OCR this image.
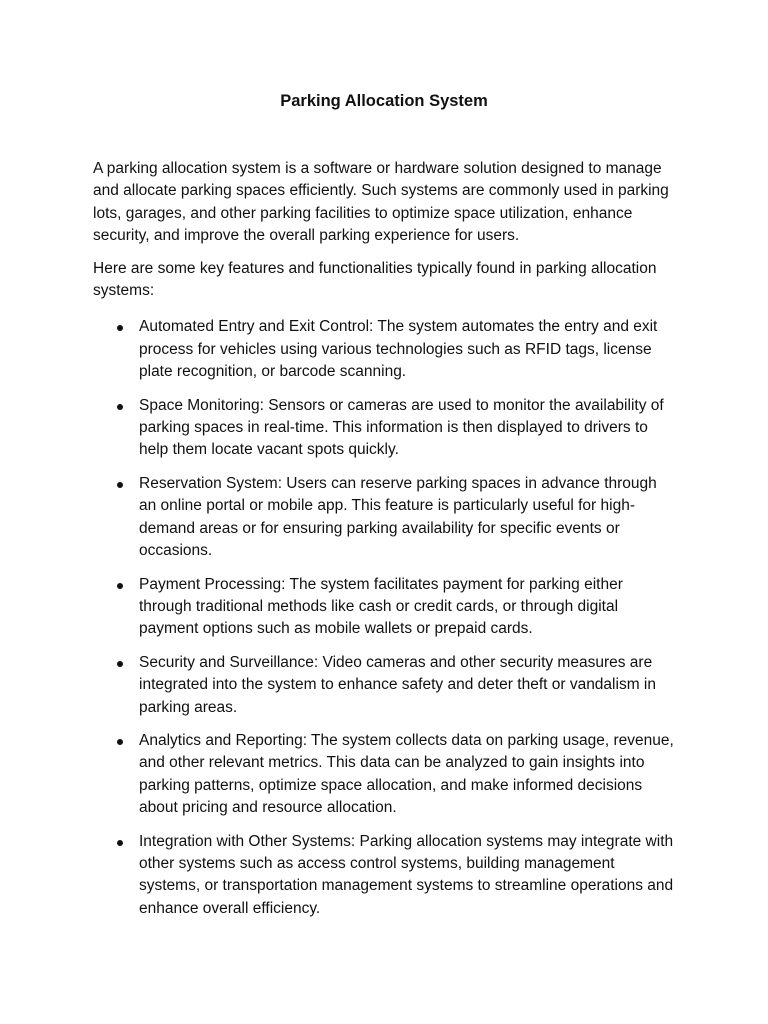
Parking Allocation System

A parking allocation system is a software or hardware solution designed to manage and allocate parking spaces efficiently. Such systems are commonly used in parking lots, garages, and other parking facilities to optimize space utilization, enhance security, and improve the overall parking experience for users.

Here are some key features and functionalities typically found in parking allocation systems:

Automated Entry and Exit Control: The system automates the entry and exit process for vehicles using various technologies such as RFID tags, license plate recognition, or barcode scanning.
Space Monitoring: Sensors or cameras are used to monitor the availability of parking spaces in real-time. This information is then displayed to drivers to help them locate vacant spots quickly.
Reservation System: Users can reserve parking spaces in advance through an online portal or mobile app. This feature is particularly useful for high-demand areas or for ensuring parking availability for specific events or occasions.
Payment Processing: The system facilitates payment for parking either through traditional methods like cash or credit cards, or through digital payment options such as mobile wallets or prepaid cards.
Security and Surveillance: Video cameras and other security measures are integrated into the system to enhance safety and deter theft or vandalism in parking areas.
Analytics and Reporting: The system collects data on parking usage, revenue, and other relevant metrics. This data can be analyzed to gain insights into parking patterns, optimize space allocation, and make informed decisions about pricing and resource allocation.
Integration with Other Systems: Parking allocation systems may integrate with other systems such as access control systems, building management systems, or transportation management systems to streamline operations and enhance overall efficiency.
